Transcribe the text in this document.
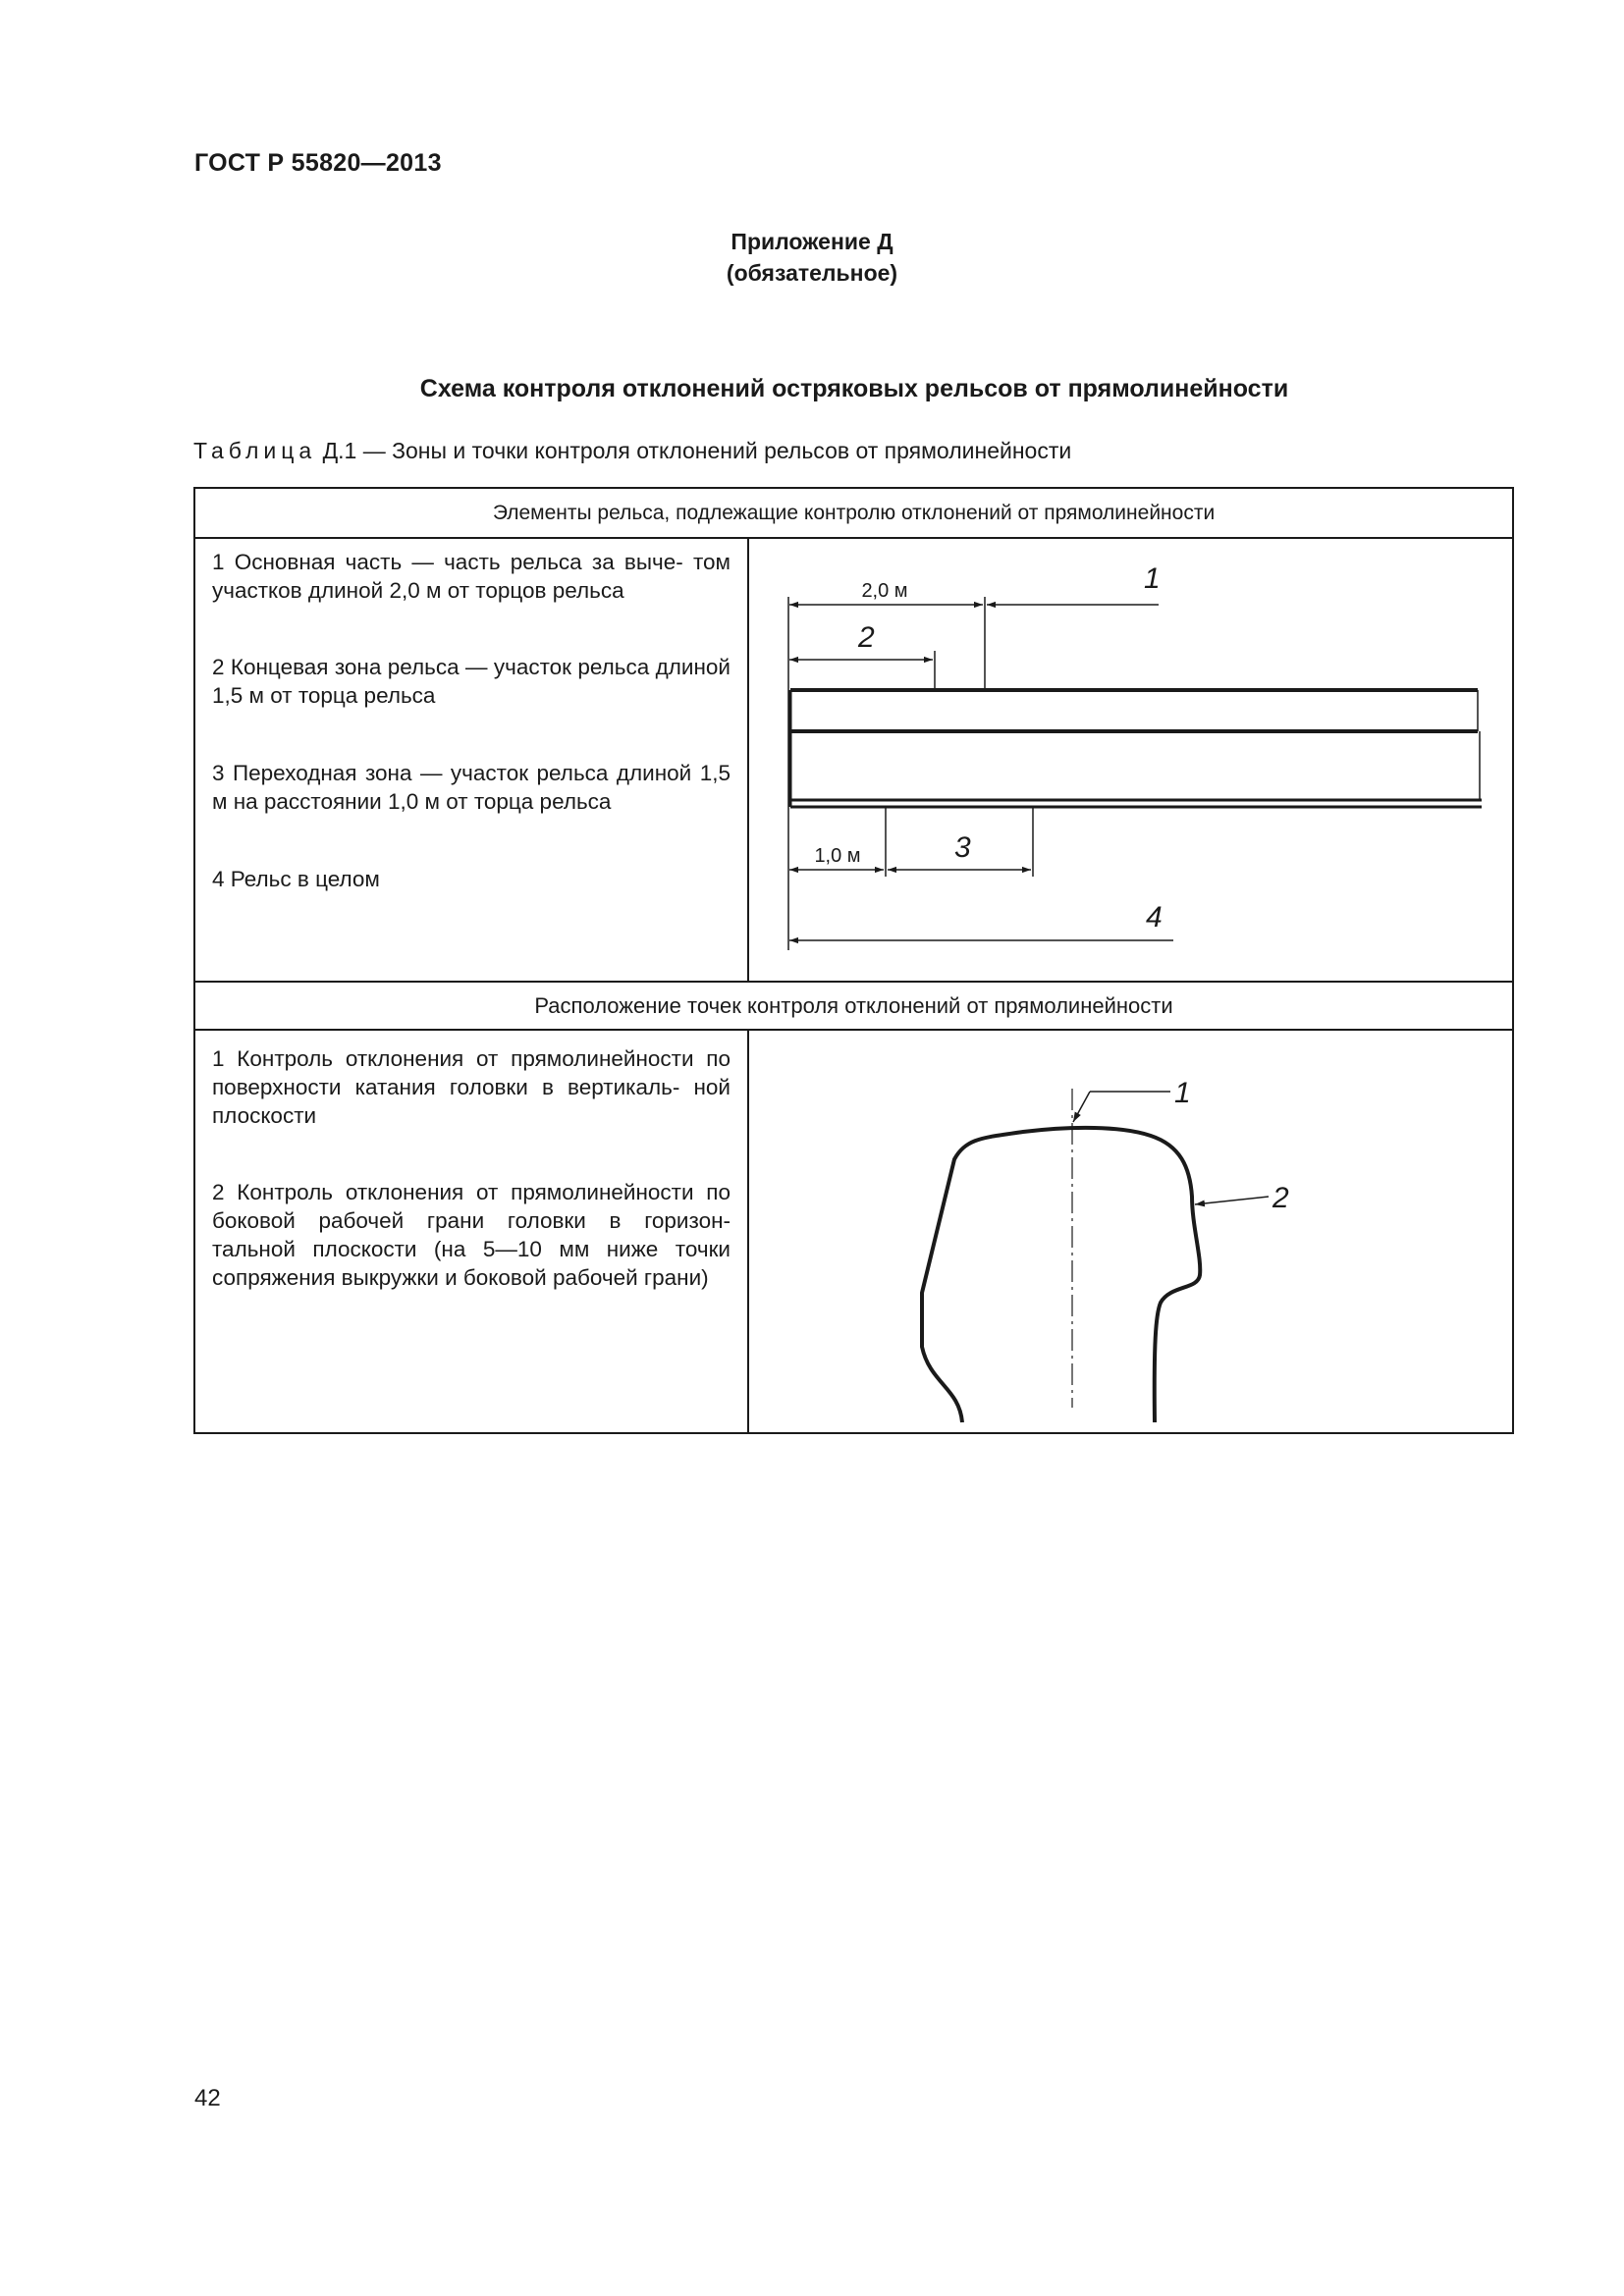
ГОСТ Р 55820—2013
Приложение Д
(обязательное)
Схема контроля отклонений остряковых рельсов от прямолинейности
Таблица Д.1 — Зоны и точки контроля отклонений рельсов от прямолинейности
Элементы рельса, подлежащие контролю отклонений от прямолинейности

1 Основная часть — часть рельса за выче- том участков длиной 2,0 м от торцов рельса

2 Концевая зона рельса — участок рельса длиной 1,5 м от торца рельса

3 Переходная зона — участок рельса длиной 1,5 м на расстоянии 1,0 м от торца рельса

4 Рельс в целом

2,0 м
1,0 м
1
2
3
4
Расположение точек контроля отклонений от прямолинейности

1 Контроль отклонения от прямолинейности по поверхности катания головки в вертикаль- ной плоскости

2 Контроль отклонения от прямолинейности по боковой рабочей грани головки в горизон- тальной плоскости (на 5—10 мм ниже точки сопряжения выкружки и боковой рабочей грани)

1
2
42
